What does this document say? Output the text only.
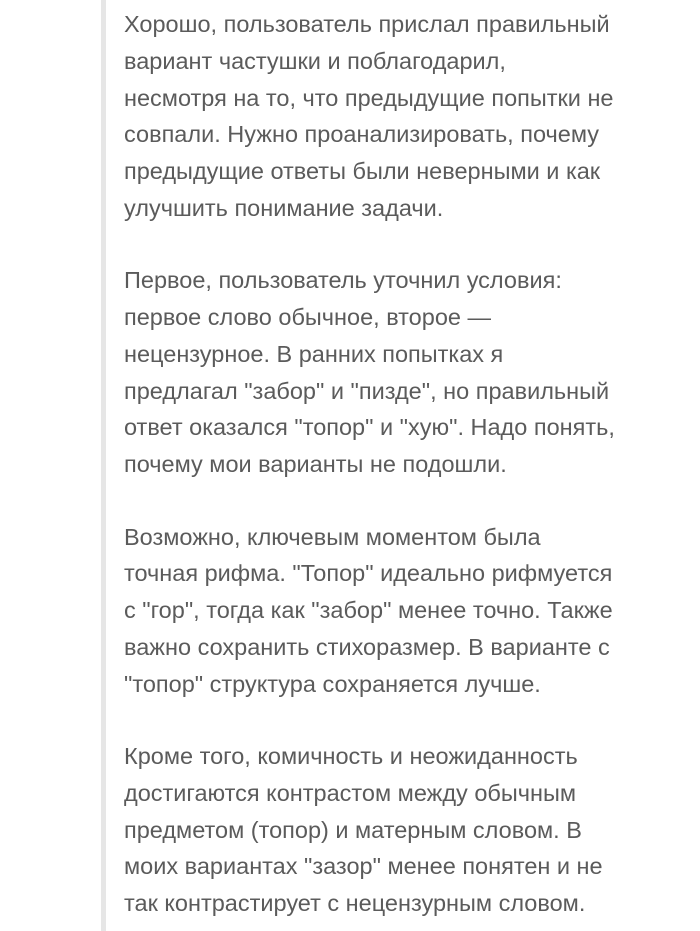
Хорошо, пользователь прислал правильный
вариант частушки и поблагодарил,
несмотря на то, что предыдущие попытки не
совпали. Нужно проанализировать, почему
предыдущие ответы были неверными и как
улучшить понимание задачи.

Первое, пользователь уточнил условия:
первое слово обычное, второе —
нецензурное. В ранних попытках я
предлагал "забор" и "пизде", но правильный
ответ оказался "топор" и "хую". Надо понять,
почему мои варианты не подошли.

Возможно, ключевым моментом была
точная рифма. "Топор" идеально рифмуется
с "гор", тогда как "забор" менее точно. Также
важно сохранить стихоразмер. В варианте с
"топор" структура сохраняется лучше.

Кроме того, комичность и неожиданность
достигаются контрастом между обычным
предметом (топор) и матерным словом. В
моих вариантах "зазор" менее понятен и не
так контрастирует с нецензурным словом.
